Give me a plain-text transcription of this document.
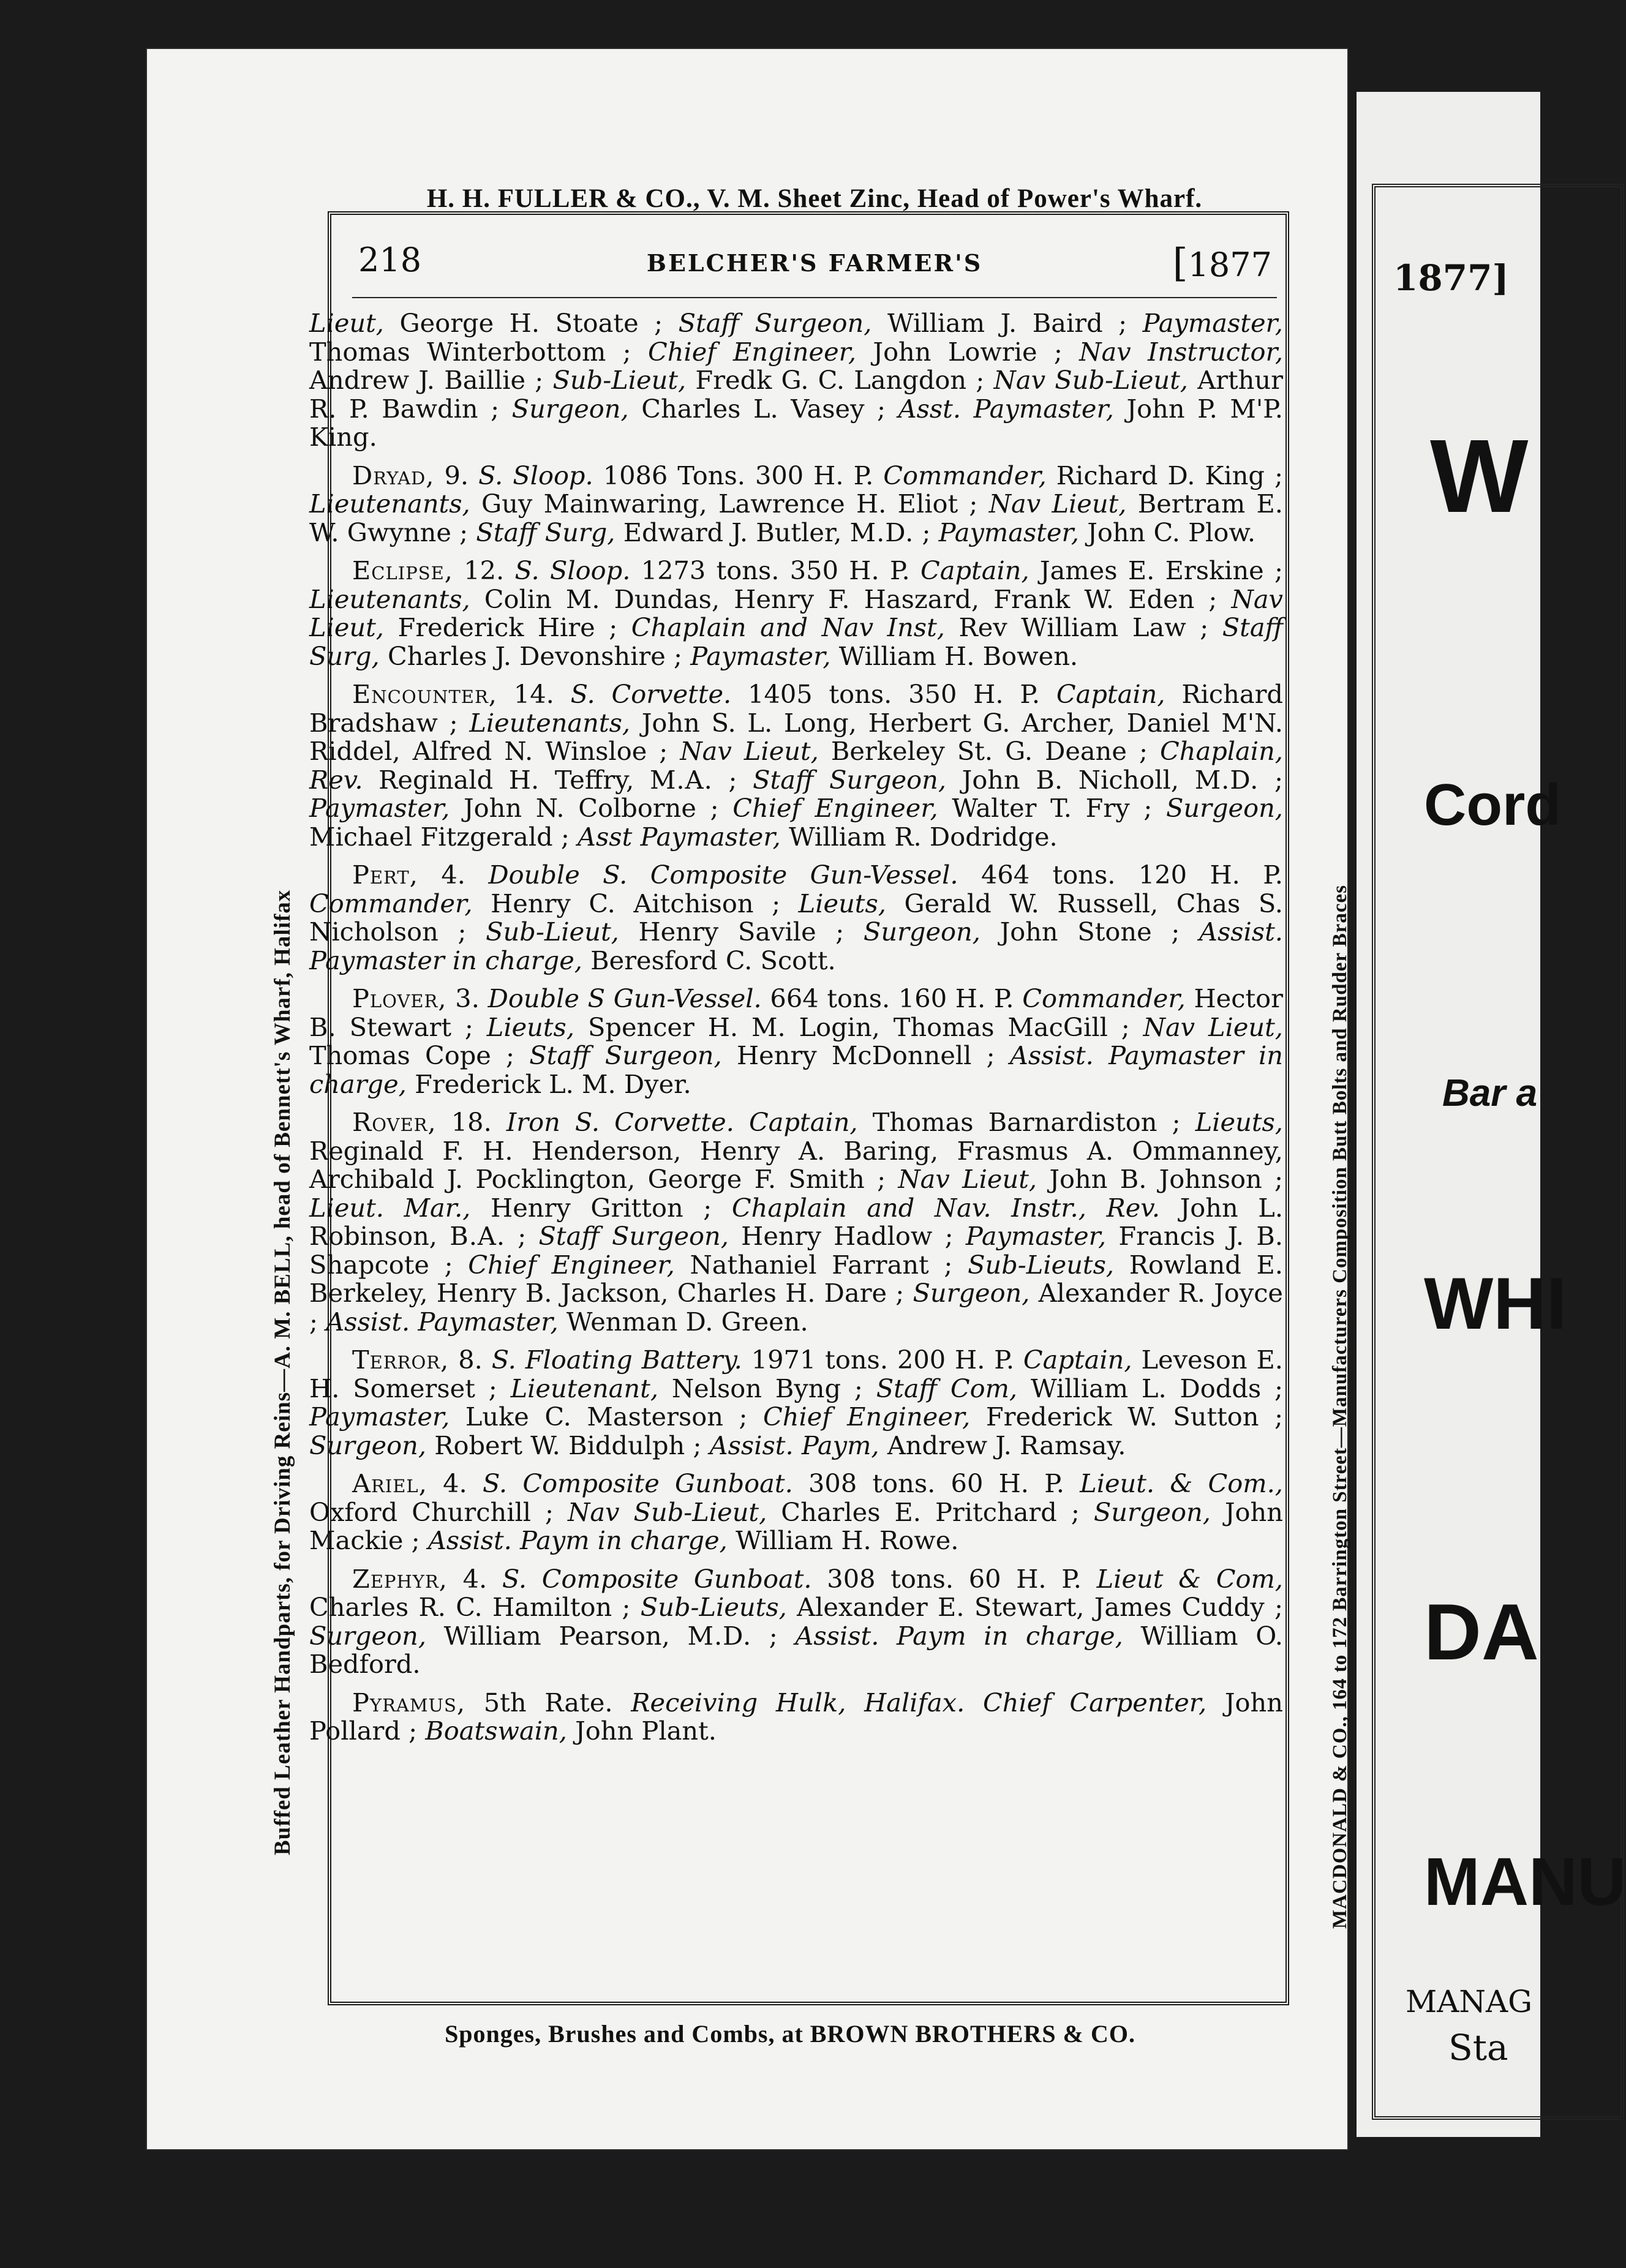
1877]
W
Cord
Bar a
WHI
DA
MANU
MANAG
Sta
H. H. FULLER & CO., V. M. Sheet Zinc, Head of Power's Wharf.
Buffed Leather Handparts, for Driving Reins—A. M. BELL, head of Bennett's Wharf, Halifax	MACDONALD & CO., 164 to 172 Barrington Street—Manufacturers Composition Butt Bolts and Rudder Braces
218	BELCHER'S FARMER'S	[1877

Lieut, George H. Stoate ; Staff Surgeon, William J. Baird ; Paymaster, Thomas Winterbottom ; Chief Engineer, John Lowrie ; Nav Instructor, Andrew J. Baillie ; Sub-Lieut, Fredk G. C. Langdon ; Nav Sub-Lieut, Arthur R. P. Bawdin ; Surgeon, Charles L. Vasey ; Asst. Paymaster, John P. M'P. King.

Dryad, 9. S. Sloop. 1086 Tons. 300 H. P. Commander, Richard D. King ; Lieutenants, Guy Mainwaring, Lawrence H. Eliot ; Nav Lieut, Bertram E. W. Gwynne ; Staff Surg, Edward J. Butler, M.D. ; Paymaster, John C. Plow.

Eclipse, 12. S. Sloop. 1273 tons. 350 H. P. Captain, James E. Erskine ; Lieutenants, Colin M. Dundas, Henry F. Haszard, Frank W. Eden ; Nav Lieut, Frederick Hire ; Chaplain and Nav Inst, Rev William Law ; Staff Surg, Charles J. Devonshire ; Paymaster, William H. Bowen.

Encounter, 14. S. Corvette. 1405 tons. 350 H. P. Captain, Richard Bradshaw ; Lieutenants, John S. L. Long, Herbert G. Archer, Daniel M'N. Riddel, Alfred N. Winsloe ; Nav Lieut, Berkeley St. G. Deane ; Chaplain, Rev. Reginald H. Teffry, M.A. ; Staff Surgeon, John B. Nicholl, M.D. ; Paymaster, John N. Colborne ; Chief Engineer, Walter T. Fry ; Surgeon, Michael Fitzgerald ; Asst Paymaster, William R. Dodridge.

Pert, 4. Double S. Composite Gun-Vessel. 464 tons. 120 H. P. Commander, Henry C. Aitchison ; Lieuts, Gerald W. Russell, Chas S. Nicholson ; Sub-Lieut, Henry Savile ; Surgeon, John Stone ; Assist. Paymaster in charge, Beresford C. Scott.

Plover, 3. Double S Gun-Vessel. 664 tons. 160 H. P. Commander, Hector B. Stewart ; Lieuts, Spencer H. M. Login, Thomas MacGill ; Nav Lieut, Thomas Cope ; Staff Surgeon, Henry McDonnell ; Assist. Paymaster in charge, Frederick L. M. Dyer.

Rover, 18. Iron S. Corvette. Captain, Thomas Barnardiston ; Lieuts, Reginald F. H. Henderson, Henry A. Baring, Frasmus A. Ommanney, Archibald J. Pocklington, George F. Smith ; Nav Lieut, John B. Johnson ; Lieut. Mar., Henry Gritton ; Chaplain and Nav. Instr., Rev. John L. Robinson, B.A. ; Staff Surgeon, Henry Hadlow ; Paymaster, Francis J. B. Shapcote ; Chief Engineer, Nathaniel Farrant ; Sub-Lieuts, Rowland E. Berkeley, Henry B. Jackson, Charles H. Dare ; Surgeon, Alexander R. Joyce ; Assist. Paymaster, Wenman D. Green.

Terror, 8. S. Floating Battery. 1971 tons. 200 H. P. Captain, Leveson E. H. Somerset ; Lieutenant, Nelson Byng ; Staff Com, William L. Dodds ; Paymaster, Luke C. Masterson ; Chief Engineer, Frederick W. Sutton ; Surgeon, Robert W. Biddulph ; Assist. Paym, Andrew J. Ramsay.

Ariel, 4. S. Composite Gunboat. 308 tons. 60 H. P. Lieut. & Com., Oxford Churchill ; Nav Sub-Lieut, Charles E. Pritchard ; Surgeon, John Mackie ; Assist. Paym in charge, William H. Rowe.

Zephyr, 4. S. Composite Gunboat. 308 tons. 60 H. P. Lieut & Com, Charles R. C. Hamilton ; Sub-Lieuts, Alexander E. Stewart, James Cuddy ; Surgeon, William Pearson, M.D. ; Assist. Paym in charge, William O. Bedford.

Pyramus, 5th Rate. Receiving Hulk, Halifax. Chief Carpenter, John Pollard ; Boatswain, John Plant.

Sponges, Brushes and Combs, at BROWN BROTHERS & CO.
